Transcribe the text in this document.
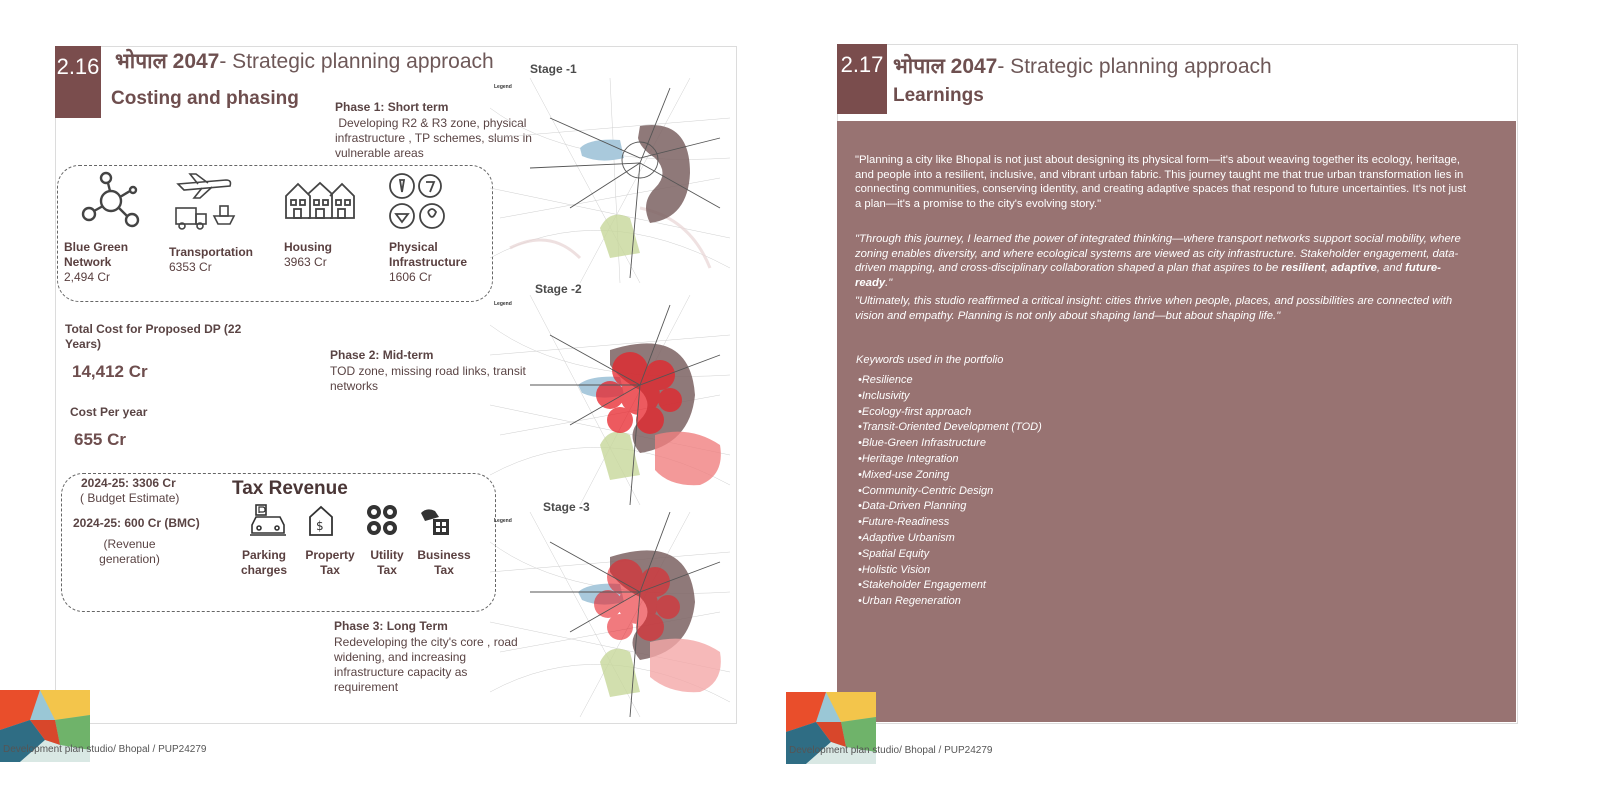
2.16 भोपाल 2047- Strategic planning approach
Costing and phasing	Phase 1: Short term
Developing R2 & R3 zone, physical infrastructure , TP schemes, slums in vulnerable areas
Blue Green Network
2,494 Cr
Transportation
6353 Cr
Housing
3963 Cr
Physical Infrastructure
1606 Cr
Total Cost for Proposed DP (22 Years)
14,412 Cr
Cost Per year
655 Cr
Phase 2: Mid-term
TOD zone, missing road links, transit networks
2024-25: 3306 Cr
( Budget Estimate)
2024-25: 600 Cr (BMC)
(Revenue generation)
Tax Revenue
$
Parking charges
Property Tax
Utility Tax
Business Tax
Phase 3: Long Term
Redeveloping the city's core , road widening, and increasing infrastructure capacity as requirement
Stage -1
Stage -2
Stage -3
Legend
Legend
Legend
Development plan studio/ Bhopal / PUP24279
2.17 भोपाल 2047- Strategic planning approach
Learnings
"Planning a city like Bhopal is not just about designing its physical form—it's about weaving together its ecology, heritage, and people into a resilient, inclusive, and vibrant urban fabric. This journey taught me that true urban transformation lies in connecting communities, conserving identity, and creating adaptive spaces that respond to future uncertainties. It's not just a plan—it's a promise to the city's evolving story."
"Through this journey, I learned the power of integrated thinking—where transport networks support social mobility, where zoning enables diversity, and where ecological systems are viewed as city infrastructure. Stakeholder engagement, data-driven mapping, and cross-disciplinary collaboration shaped a plan that aspires to be resilient, adaptive, and future-ready."
"Ultimately, this studio reaffirmed a critical insight: cities thrive when people, places, and possibilities are connected with vision and empathy. Planning is not only about shaping land—but about shaping life."
Keywords used in the portfolio
•Resilience
•Inclusivity
•Ecology-first approach
•Transit-Oriented Development (TOD)
•Blue-Green Infrastructure
•Heritage Integration
•Mixed-use Zoning
•Community-Centric Design
•Data-Driven Planning
•Future-Readiness
•Adaptive Urbanism
•Spatial Equity
•Holistic Vision
•Stakeholder Engagement
•Urban Regeneration
Development plan studio/ Bhopal / PUP24279
